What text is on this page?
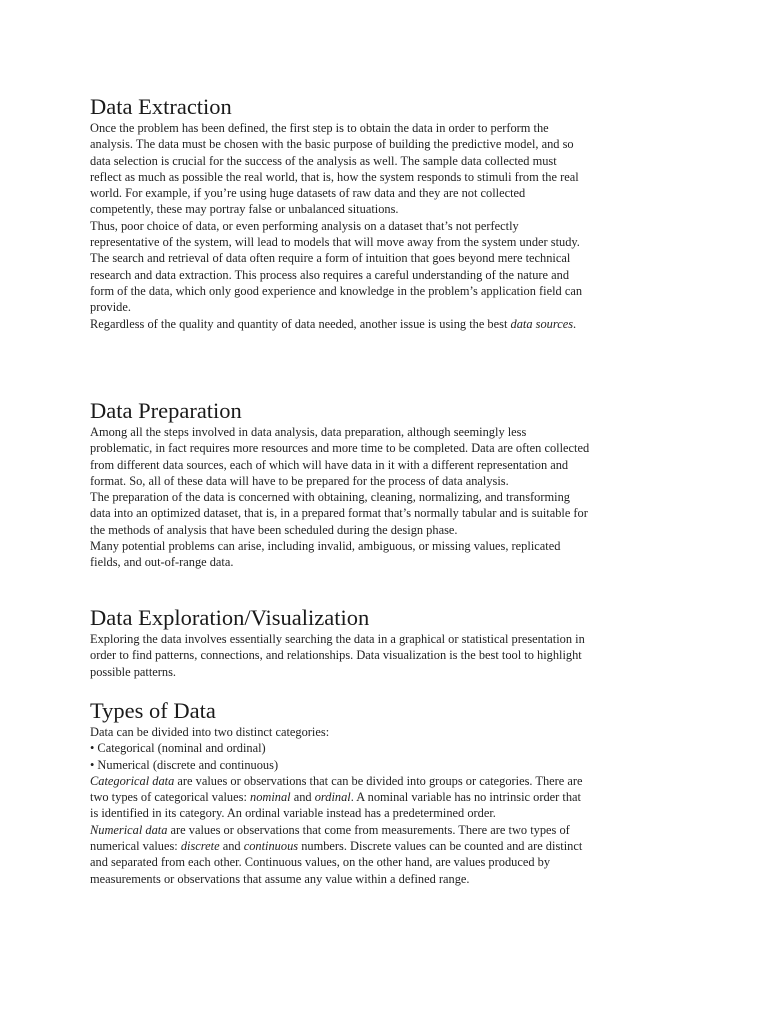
Data Extraction

Once the problem has been defined, the first step is to obtain the data in order to perform the analysis. The data must be chosen with the basic purpose of building the predictive model, and so data selection is crucial for the success of the analysis as well. The sample data collected must reflect as much as possible the real world, that is, how the system responds to stimuli from the real world. For example, if you’re using huge datasets of raw data and they are not collected competently, these may portray false or unbalanced situations.

Thus, poor choice of data, or even performing analysis on a dataset that’s not perfectly representative of the system, will lead to models that will move away from the system under study.

The search and retrieval of data often require a form of intuition that goes beyond mere technical research and data extraction. This process also requires a careful understanding of the nature and form of the data, which only good experience and knowledge in the problem’s application field can provide.

Regardless of the quality and quantity of data needed, another issue is using the best data sources.

Data Preparation

Among all the steps involved in data analysis, data preparation, although seemingly less problematic, in fact requires more resources and more time to be completed. Data are often collected from different data sources, each of which will have data in it with a different representation and format. So, all of these data will have to be prepared for the process of data analysis.

The preparation of the data is concerned with obtaining, cleaning, normalizing, and transforming data into an optimized dataset, that is, in a prepared format that’s normally tabular and is suitable for the methods of analysis that have been scheduled during the design phase.

Many potential problems can arise, including invalid, ambiguous, or missing values, replicated fields, and out-of-range data.

Data Exploration/Visualization

Exploring the data involves essentially searching the data in a graphical or statistical presentation in order to find patterns, connections, and relationships. Data visualization is the best tool to highlight possible patterns.

Types of Data

Data can be divided into two distinct categories:

• Categorical (nominal and ordinal)

• Numerical (discrete and continuous)

Categorical data are values or observations that can be divided into groups or categories. There are two types of categorical values: nominal and ordinal. A nominal variable has no intrinsic order that is identified in its category. An ordinal variable instead has a predetermined order.

Numerical data are values or observations that come from measurements. There are two types of numerical values: discrete and continuous numbers. Discrete values can be counted and are distinct and separated from each other. Continuous values, on the other hand, are values produced by measurements or observations that assume any value within a defined range.
